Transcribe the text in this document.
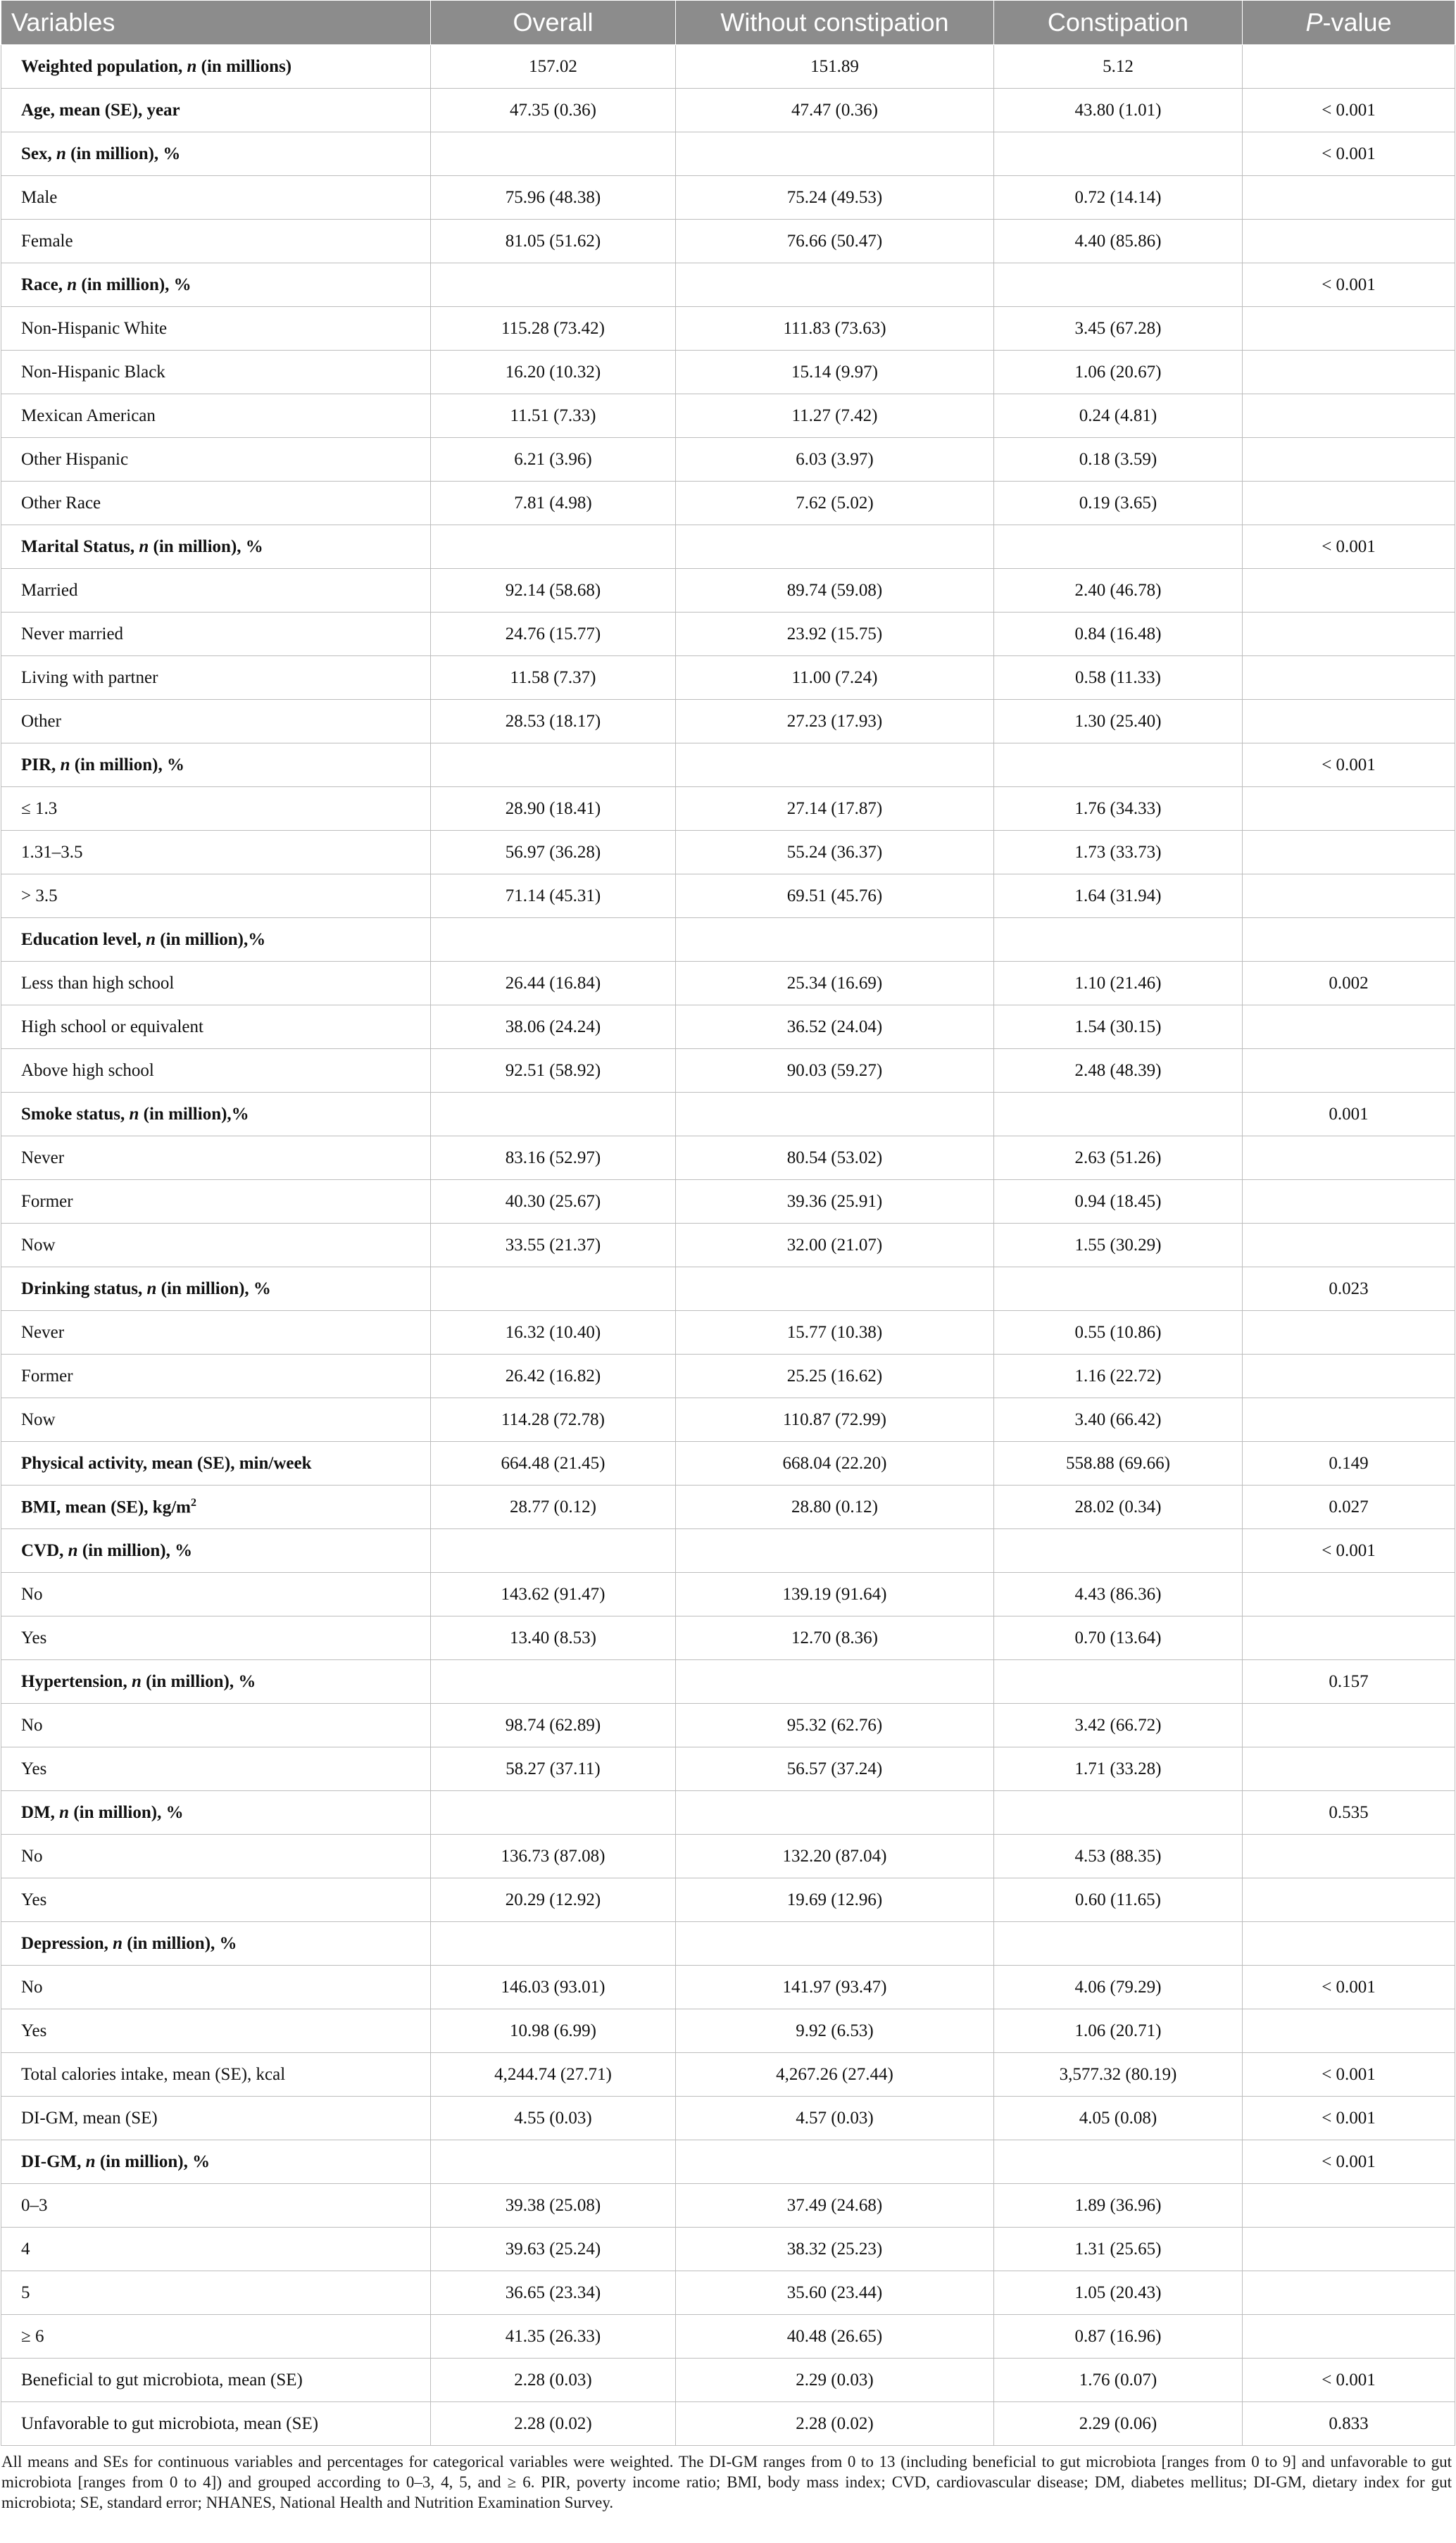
Variables	Overall	Without constipation	Constipation	P-value
Weighted population, n (in millions)	157.02	151.89	5.12	
Age, mean (SE), year	47.35 (0.36)	47.47 (0.36)	43.80 (1.01)	< 0.001
Sex, n (in million), %				< 0.001
Male	75.96 (48.38)	75.24 (49.53)	0.72 (14.14)	
Female	81.05 (51.62)	76.66 (50.47)	4.40 (85.86)	
Race, n (in million), %				< 0.001
Non-Hispanic White	115.28 (73.42)	111.83 (73.63)	3.45 (67.28)	
Non-Hispanic Black	16.20 (10.32)	15.14 (9.97)	1.06 (20.67)	
Mexican American	11.51 (7.33)	11.27 (7.42)	0.24 (4.81)	
Other Hispanic	6.21 (3.96)	6.03 (3.97)	0.18 (3.59)	
Other Race	7.81 (4.98)	7.62 (5.02)	0.19 (3.65)	
Marital Status, n (in million), %				< 0.001
Married	92.14 (58.68)	89.74 (59.08)	2.40 (46.78)	
Never married	24.76 (15.77)	23.92 (15.75)	0.84 (16.48)	
Living with partner	11.58 (7.37)	11.00 (7.24)	0.58 (11.33)	
Other	28.53 (18.17)	27.23 (17.93)	1.30 (25.40)	
PIR, n (in million), %				< 0.001
≤ 1.3	28.90 (18.41)	27.14 (17.87)	1.76 (34.33)	
1.31–3.5	56.97 (36.28)	55.24 (36.37)	1.73 (33.73)	
> 3.5	71.14 (45.31)	69.51 (45.76)	1.64 (31.94)	
Education level, n (in million),%				
Less than high school	26.44 (16.84)	25.34 (16.69)	1.10 (21.46)	0.002
High school or equivalent	38.06 (24.24)	36.52 (24.04)	1.54 (30.15)	
Above high school	92.51 (58.92)	90.03 (59.27)	2.48 (48.39)	
Smoke status, n (in million),%				0.001
Never	83.16 (52.97)	80.54 (53.02)	2.63 (51.26)	
Former	40.30 (25.67)	39.36 (25.91)	0.94 (18.45)	
Now	33.55 (21.37)	32.00 (21.07)	1.55 (30.29)	
Drinking status, n (in million), %				0.023
Never	16.32 (10.40)	15.77 (10.38)	0.55 (10.86)	
Former	26.42 (16.82)	25.25 (16.62)	1.16 (22.72)	
Now	114.28 (72.78)	110.87 (72.99)	3.40 (66.42)	
Physical activity, mean (SE), min/week	664.48 (21.45)	668.04 (22.20)	558.88 (69.66)	0.149
BMI, mean (SE), $kg/m^2$	28.77 (0.12)	28.80 (0.12)	28.02 (0.34)	0.027
CVD, n (in million), %				< 0.001
No	143.62 (91.47)	139.19 (91.64)	4.43 (86.36)	
Yes	13.40 (8.53)	12.70 (8.36)	0.70 (13.64)	
Hypertension, n (in million), %				0.157
No	98.74 (62.89)	95.32 (62.76)	3.42 (66.72)	
Yes	58.27 (37.11)	56.57 (37.24)	1.71 (33.28)	
DM, n (in million), %				0.535
No	136.73 (87.08)	132.20 (87.04)	4.53 (88.35)	
Yes	20.29 (12.92)	19.69 (12.96)	0.60 (11.65)	
Depression, n (in million), %				
No	146.03 (93.01)	141.97 (93.47)	4.06 (79.29)	< 0.001
Yes	10.98 (6.99)	9.92 (6.53)	1.06 (20.71)	
Total calories intake, mean (SE), kcal	4,244.74 (27.71)	4,267.26 (27.44)	3,577.32 (80.19)	< 0.001
DI-GM, mean (SE)	4.55 (0.03)	4.57 (0.03)	4.05 (0.08)	< 0.001
DI-GM, n (in million), %				< 0.001
0–3	39.38 (25.08)	37.49 (24.68)	1.89 (36.96)	
4	39.63 (25.24)	38.32 (25.23)	1.31 (25.65)	
5	36.65 (23.34)	35.60 (23.44)	1.05 (20.43)	
≥ 6	41.35 (26.33)	40.48 (26.65)	0.87 (16.96)	
Beneficial to gut microbiota, mean (SE)	2.28 (0.03)	2.29 (0.03)	1.76 (0.07)	< 0.001
Unfavorable to gut microbiota, mean (SE)	2.28 (0.02)	2.28 (0.02)	2.29 (0.06)	0.833
All means and SEs for continuous variables and percentages for categorical variables were weighted. The DI-GM ranges from 0 to 13 (including beneficial to gut microbiota [ranges from 0 to 9] and unfavorable to gut microbiota [ranges from 0 to 4]) and grouped according to 0–3, 4, 5, and ≥ 6. PIR, poverty income ratio; BMI, body mass index; CVD, cardiovascular disease; DM, diabetes mellitus; DI-GM, dietary index for gut microbiota; SE, standard error; NHANES, National Health and Nutrition Examination Survey.
